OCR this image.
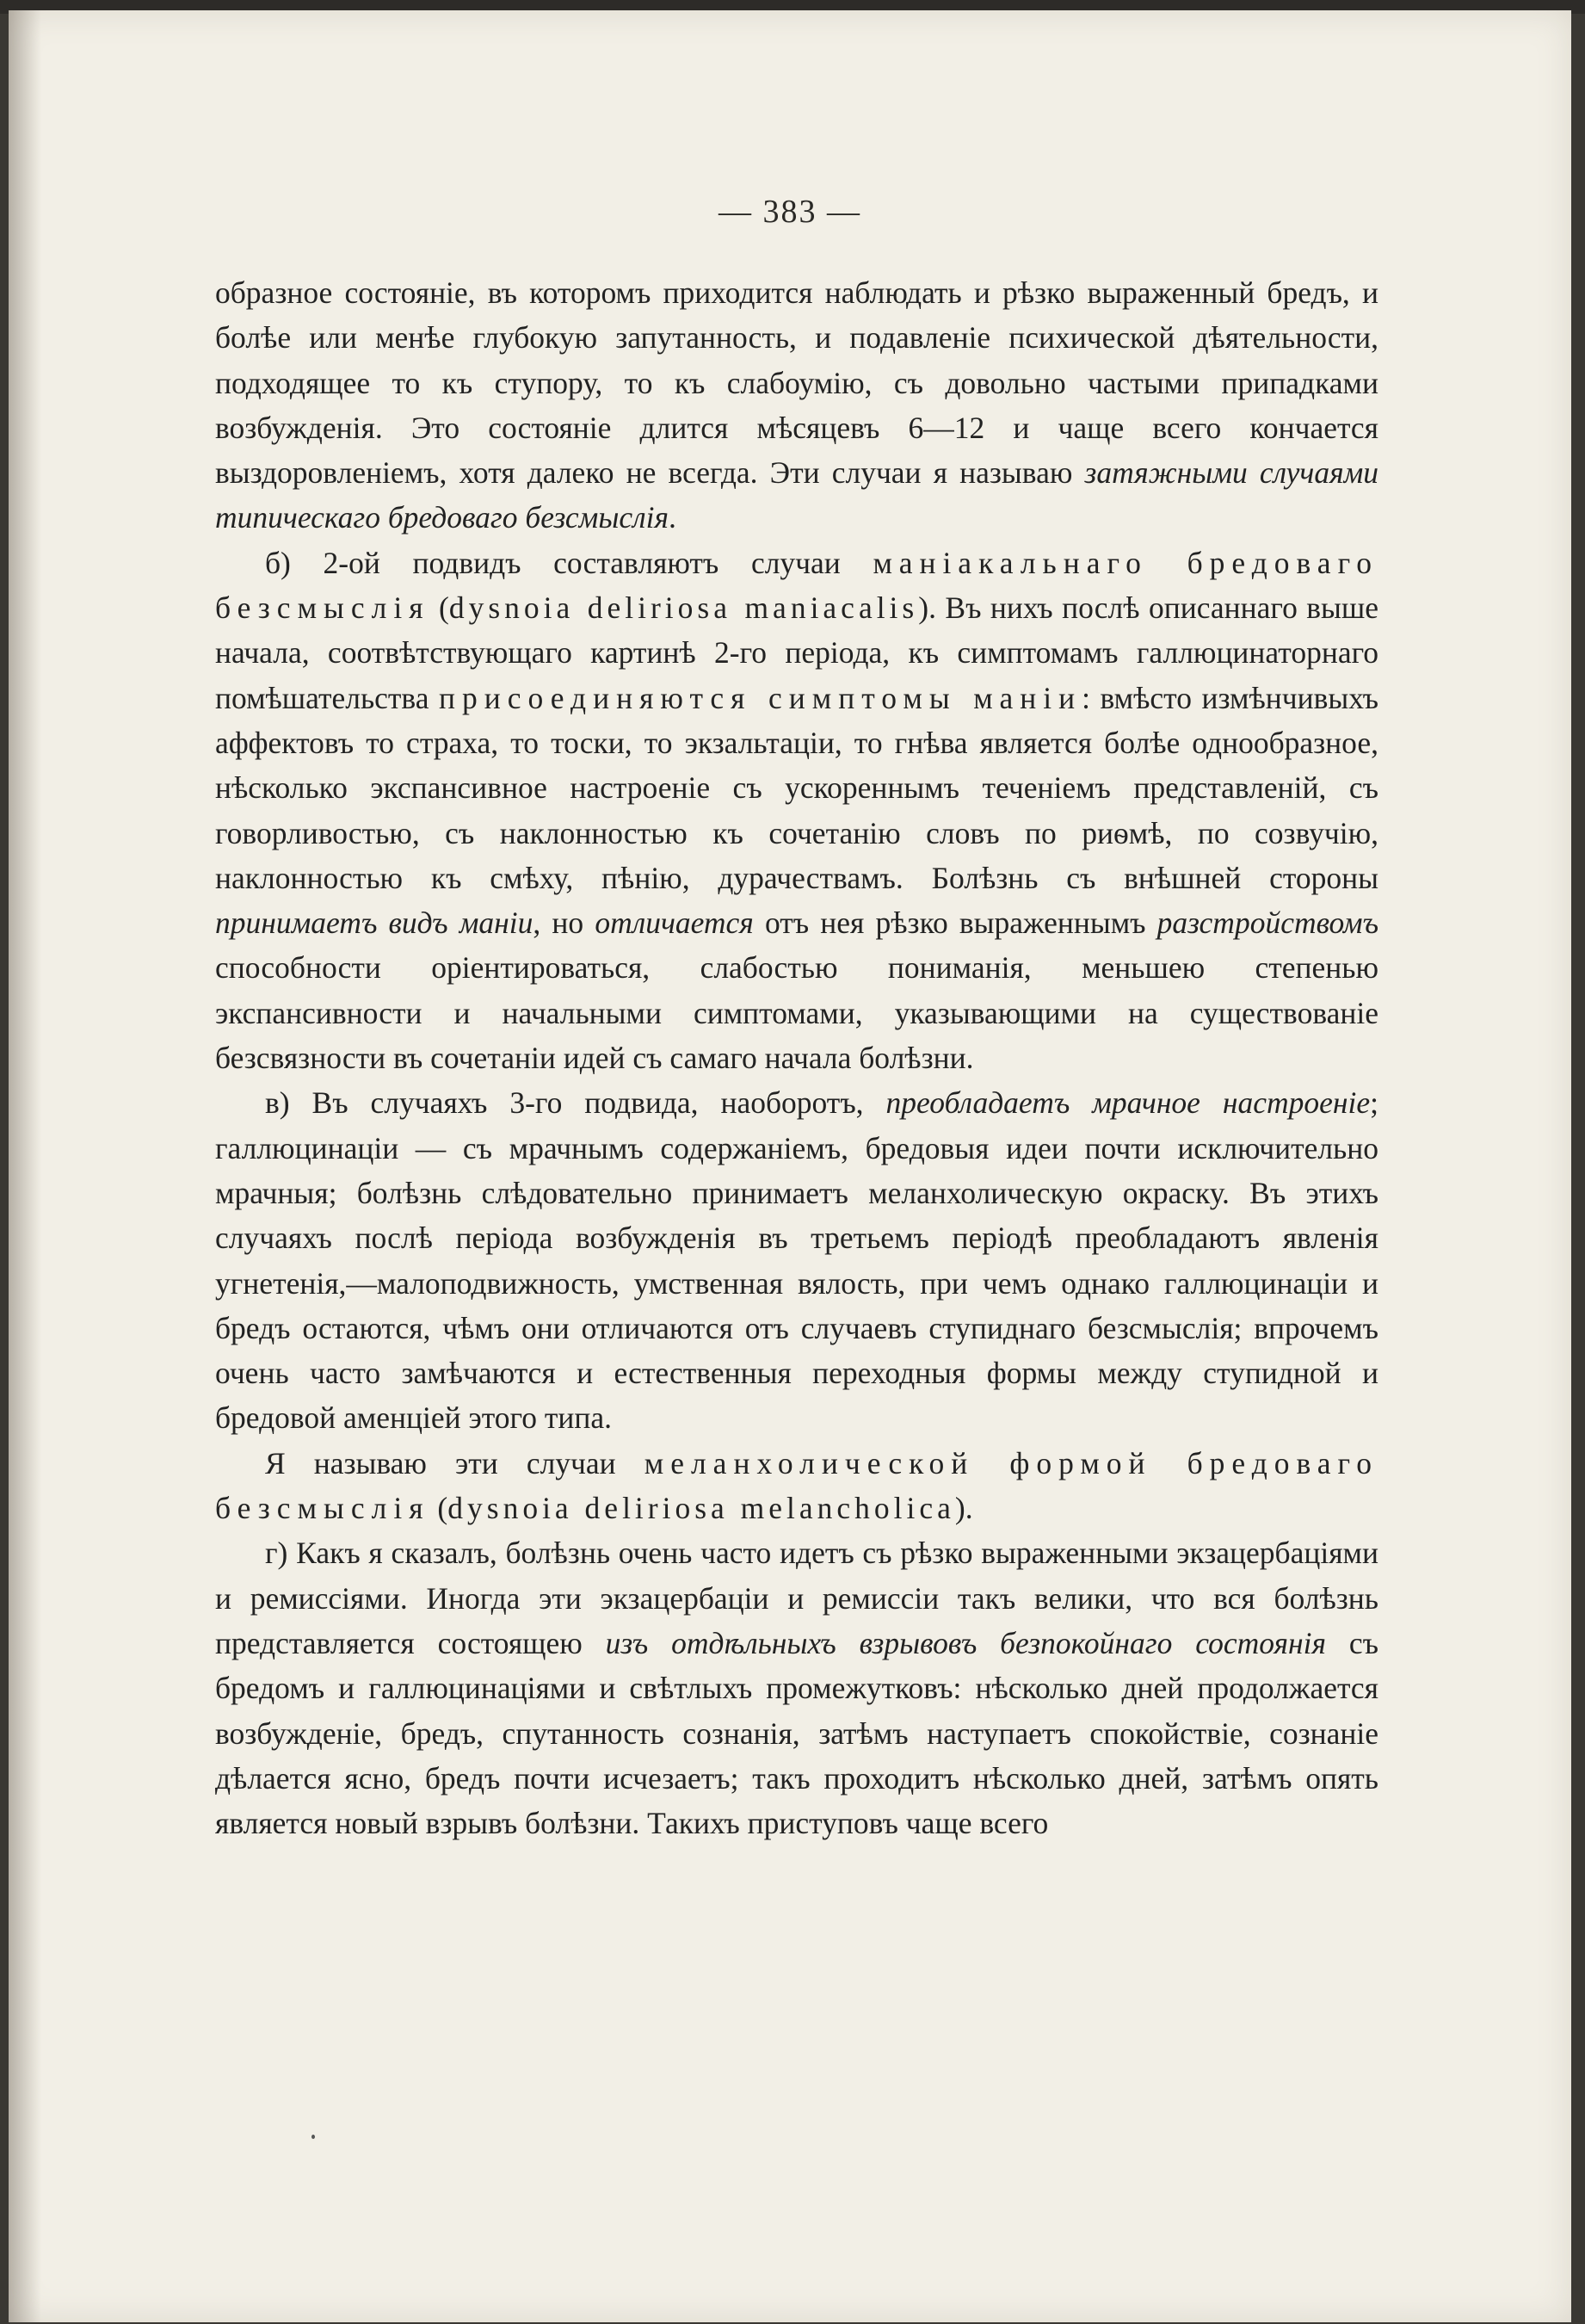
— 383 —

образное состояніе, въ которомъ приходится наблюдать и рѣзко выраженный бредъ, и болѣе или менѣе глубокую запутанность, и подавленіе психической дѣятельности, подходящее то къ ступору, то къ слабоумію, съ довольно частыми припадками возбужденія. Это состояніе длится мѣсяцевъ 6—12 и чаще всего кончается выздоровленіемъ, хотя далеко не всегда. Эти случаи я называю затяжными случаями типическаго бредоваго безсмыслія.

б) 2-ой подвидъ составляютъ случаи маніакальнаго бредоваго безсмыслія (dysnoia deliriosa maniacalis). Въ нихъ послѣ описаннаго выше начала, соотвѣтствующаго картинѣ 2-го періода, къ симптомамъ галлюцинаторнаго помѣшательства присоединяются симптомы маніи: вмѣсто измѣнчивыхъ аффектовъ то страха, то тоски, то экзальтаціи, то гнѣва является болѣе однообразное, нѣсколько экспансивное настроеніе съ ускореннымъ теченіемъ представленій, съ говорливостью, съ наклонностью къ сочетанію словъ по риѳмѣ, по созвучію, наклонностью къ смѣху, пѣнію, дурачествамъ. Болѣзнь съ внѣшней стороны принимаетъ видъ маніи, но отличается отъ нея рѣзко выраженнымъ разстройствомъ способности оріентироваться, слабостью пониманія, меньшею степенью экспансивности и начальными симптомами, указывающими на существованіе безсвязности въ сочетаніи идей съ самаго начала болѣзни.

в) Въ случаяхъ 3-го подвида, наоборотъ, преобладаетъ мрачное настроеніе; галлюцинаціи — съ мрачнымъ содержаніемъ, бредовыя идеи почти исключительно мрачныя; болѣзнь слѣдовательно принимаетъ меланхолическую окраску. Въ этихъ случаяхъ послѣ періода возбужденія въ третьемъ періодѣ преобладаютъ явленія угнетенія,—малоподвижность, умственная вялость, при чемъ однако галлюцинаціи и бредъ остаются, чѣмъ они отличаются отъ случаевъ ступиднаго безсмыслія; впрочемъ очень часто замѣчаются и естественныя переходныя формы между ступидной и бредовой аменціей этого типа.

Я называю эти случаи меланхолической формой бредоваго безсмыслія (dysnoia deliriosa melancholica).

г) Какъ я сказалъ, болѣзнь очень часто идетъ съ рѣзко выраженными экзацербаціями и ремиссіями. Иногда эти экзацербаціи и ремиссіи такъ велики, что вся болѣзнь представляется состоящею изъ отдѣльныхъ взрывовъ безпокойнаго состоянія съ бредомъ и галлюцинаціями и свѣтлыхъ промежутковъ: нѣсколько дней продолжается возбужденіе, бредъ, спутанность сознанія, затѣмъ наступаетъ спокойствіе, сознаніе дѣлается ясно, бредъ почти исчезаетъ; такъ проходитъ нѣсколько дней, затѣмъ опять является новый взрывъ болѣзни. Такихъ приступовъ чаще всего
